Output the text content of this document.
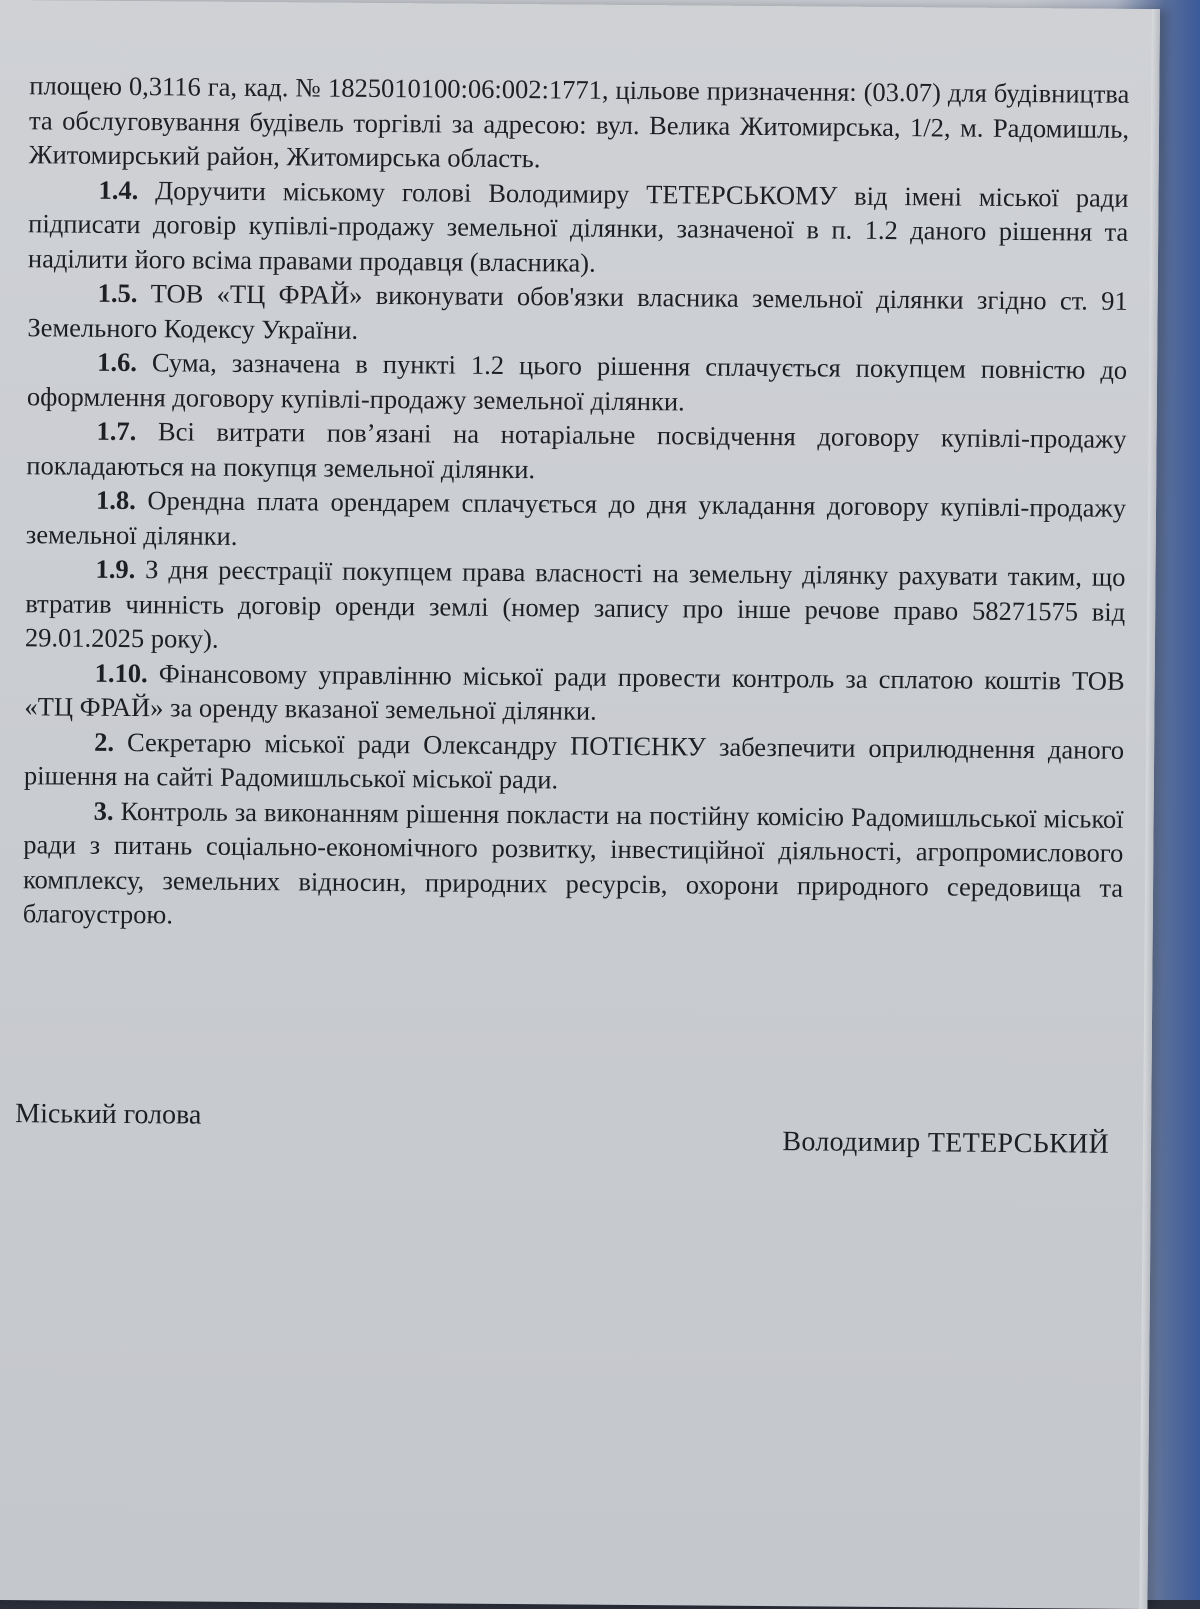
площею 0,3116 га, кад. № 1825010100:06:002:1771, цільове призначення: (03.07) для будівництва та обслуговування будівель торгівлі за адресою: вул. Велика Житомирська, 1/2, м. Радомишль, Житомирський район, Житомирська область.

1.4. Доручити міському голові Володимиру ТЕТЕРСЬКОМУ від імені міської ради підписати договір купівлі-продажу земельної ділянки, зазначеної в п. 1.2 даного рішення та наділити його всіма правами продавця (власника).

1.5. ТОВ «ТЦ ФРАЙ» виконувати обов'язки власника земельної ділянки згідно ст. 91 Земельного Кодексу України.

1.6. Сума, зазначена в пункті 1.2 цього рішення сплачується покупцем повністю до оформлення договору купівлі-продажу земельної ділянки.

1.7. Всі витрати пов’язані на нотаріальне посвідчення договору купівлі-продажу покладаються на покупця земельної ділянки.

1.8. Орендна плата орендарем сплачується до дня укладання договору купівлі-продажу земельної ділянки.

1.9. З дня реєстрації покупцем права власності на земельну ділянку рахувати таким, що втратив чинність договір оренди землі (номер запису про інше речове право 58271575 від 29.01.2025 року).

1.10. Фінансовому управлінню міської ради провести контроль за сплатою коштів ТОВ «ТЦ ФРАЙ» за оренду вказаної земельної ділянки.

2. Секретарю міської ради Олександру ПОТІЄНКУ забезпечити оприлюднення даного рішення на сайті Радомишльської міської ради.

3. Контроль за виконанням рішення покласти на постійну комісію Радомишльської міської ради з питань соціально-економічного розвитку, інвестиційної діяльності, агропромислового комплексу, земельних відносин, природних ресурсів, охорони природного середовища та благоустрою.

Міський голова
Володимир ТЕТЕРСЬКИЙ
